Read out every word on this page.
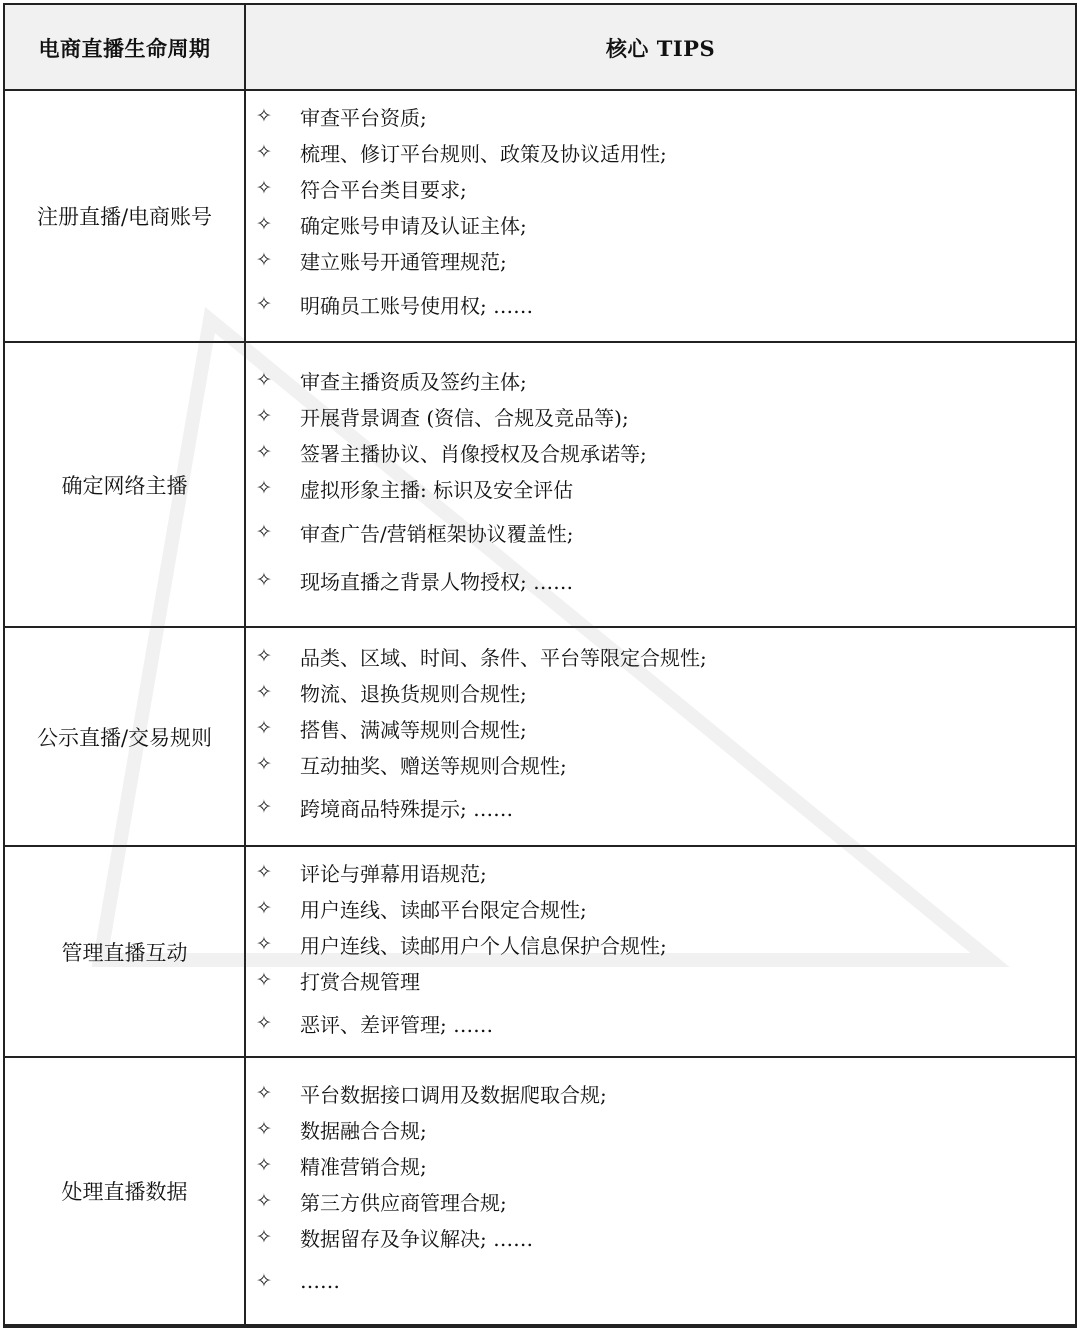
电商直播生命周期	核心 TIPS
注册直播/电商账号
✧	审查平台资质;
✧	梳理、修订平台规则、政策及协议适用性;
✧	符合平台类目要求;
✧	确定账号申请及认证主体;
✧	建立账号开通管理规范;
✧	明确员工账号使用权; ……
确定网络主播
✧	审查主播资质及签约主体;
✧	开展背景调查 (资信、合规及竞品等);
✧	签署主播协议、肖像授权及合规承诺等;
✧	虚拟形象主播: 标识及安全评估
✧	审查广告/营销框架协议覆盖性;
✧	现场直播之背景人物授权; ……
公示直播/交易规则
✧	品类、区域、时间、条件、平台等限定合规性;
✧	物流、退换货规则合规性;
✧	搭售、满减等规则合规性;
✧	互动抽奖、赠送等规则合规性;
✧	跨境商品特殊提示; ……
管理直播互动
✧	评论与弹幕用语规范;
✧	用户连线、读邮平台限定合规性;
✧	用户连线、读邮用户个人信息保护合规性;
✧	打赏合规管理
✧	恶评、差评管理; ……
处理直播数据
✧	平台数据接口调用及数据爬取合规;
✧	数据融合合规;
✧	精准营销合规;
✧	第三方供应商管理合规;
✧	数据留存及争议解决; ……
✧	……
